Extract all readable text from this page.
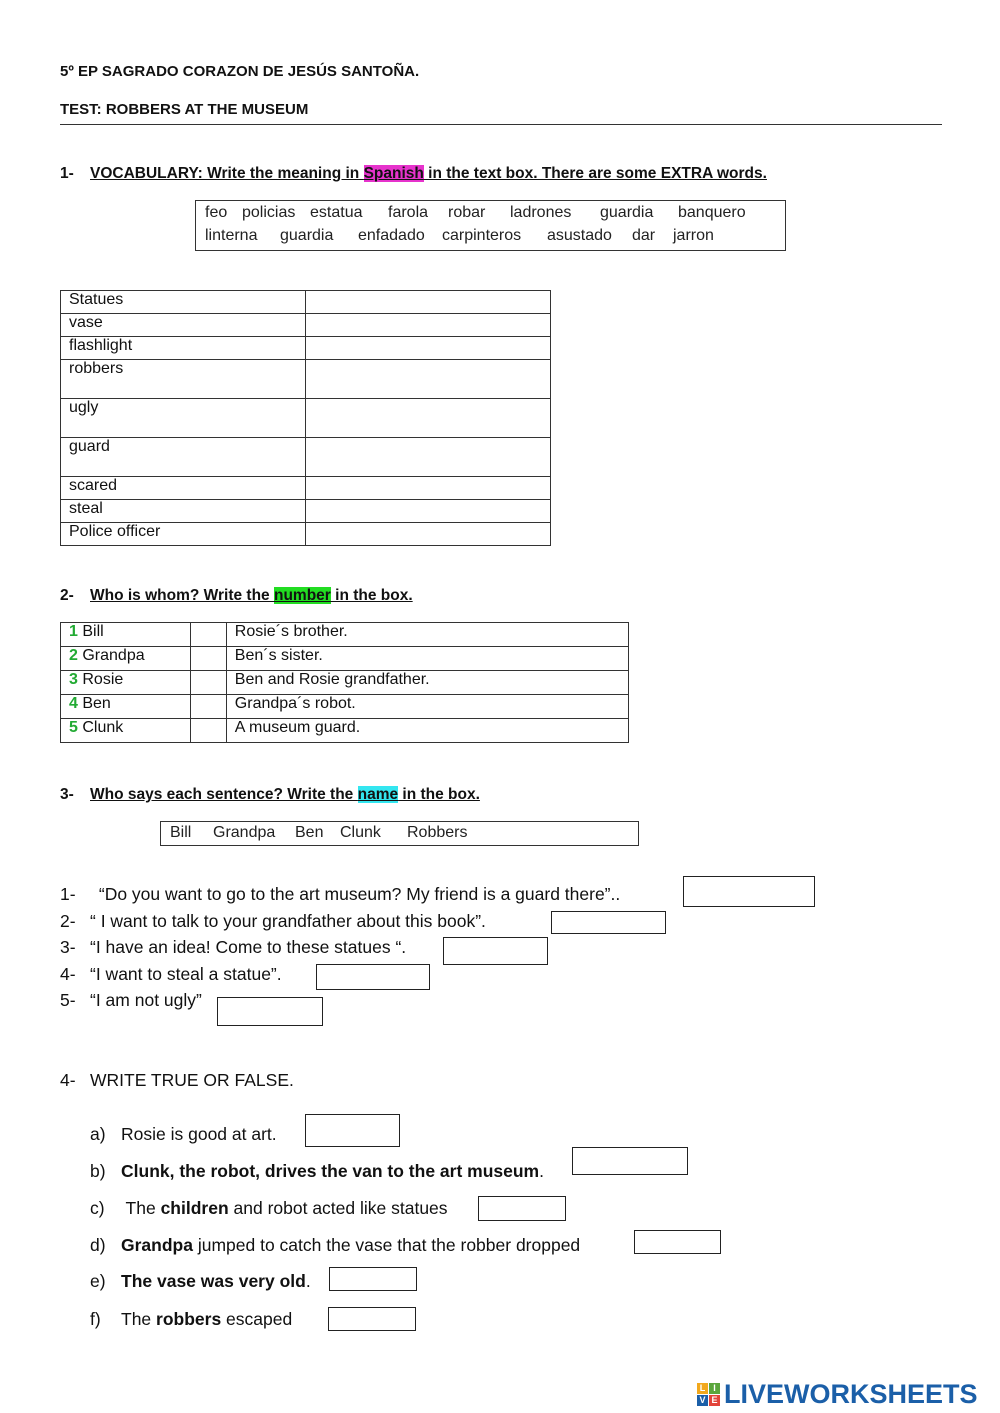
5º EP SAGRADO CORAZON DE JESÚS SANTOÑA.
TEST: ROBBERS AT THE MUSEUM
1- VOCABULARY: Write the meaning in Spanish in the text box. There are some EXTRA words.
feo policias estatua farola robar ladrones guardia banquero
linterna guardia enfadado carpinteros asustado dar jarron
Statues	
vase	
flashlight	
robbers	
ugly	
guard	
scared	
steal	
Police officer	
2- Who is whom? Write the number in the box.
1 Bill		Rosie´s brother.
2 Grandpa		Ben´s sister.
3 Rosie		Ben and Rosie grandfather.
4 Ben		Grandpa´s robot.
5 Clunk		A museum guard.
3- Who says each sentence? Write the name in the box.
Bill Grandpa Ben Clunk Robbers
1- “Do you want to go to the art museum? My friend is a guard there”..
2- “ I want to talk to your grandfather about this book”.
3- “I have an idea! Come to these statues “.
4- “I want to steal a statue”.
5- “I am not ugly”
4- WRITE TRUE OR FALSE.
a) Rosie is good at art.
b) Clunk, the robot, drives the van to the art museum.
c) The children and robot acted like statues
d) Grandpa jumped to catch the vase that the robber dropped
e) The vase was very old.
f) The robbers escaped
L I
V E LIVEWORKSHEETS
